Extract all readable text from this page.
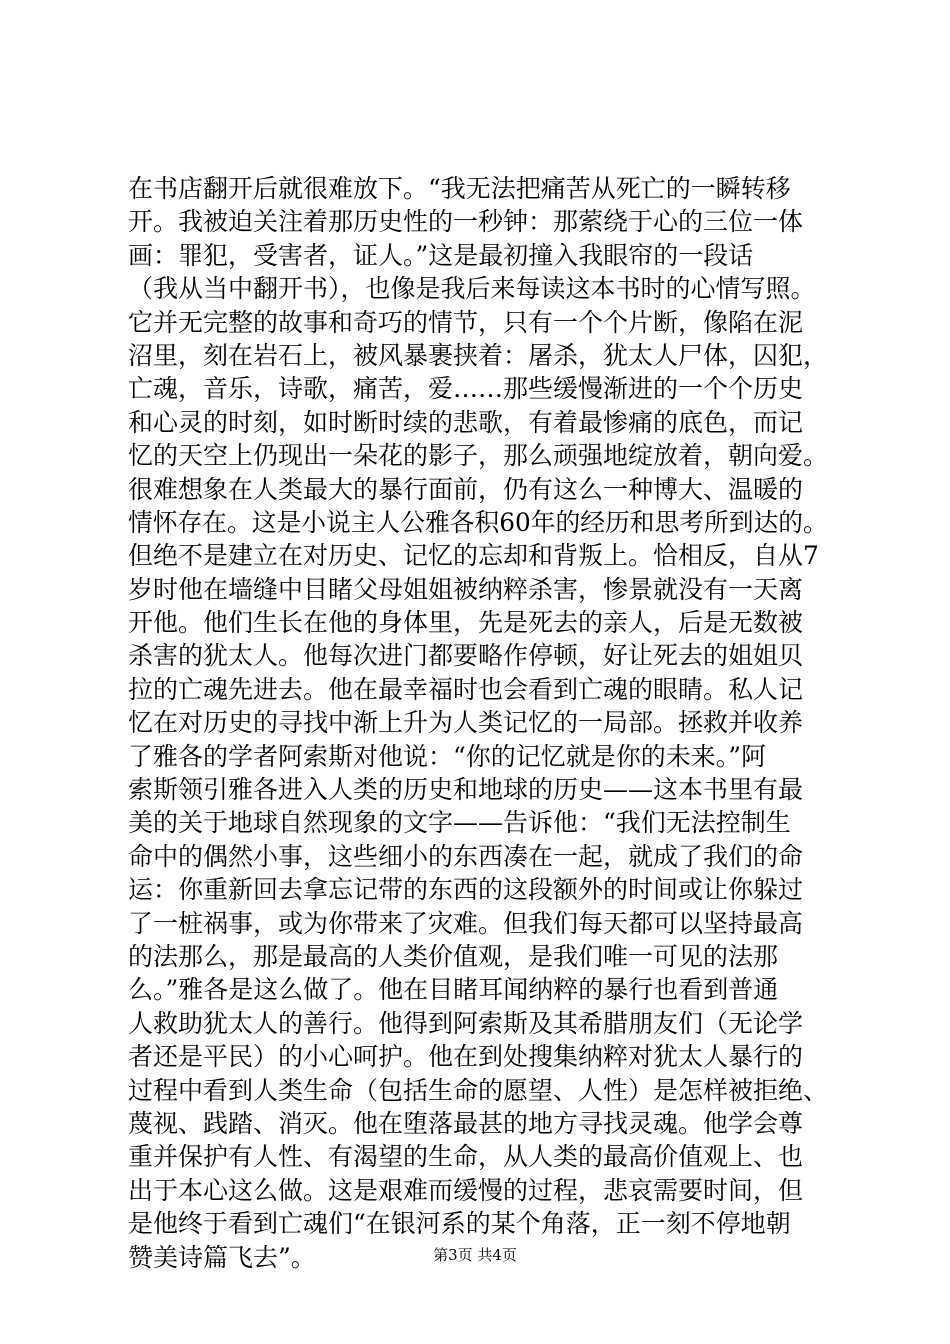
在书店翻开后就很难放下。“我无法把痛苦从死亡的一瞬转移
开。我被迫关注着那历史性的一秒钟：那萦绕于心的三位一体
画：罪犯，受害者，证人。”这是最初撞入我眼帘的一段话
（我从当中翻开书），也像是我后来每读这本书时的心情写照。
它并无完整的故事和奇巧的情节，只有一个个片断，像陷在泥
沼里，刻在岩石上，被风暴裹挟着：屠杀，犹太人尸体，囚犯，
亡魂，音乐，诗歌，痛苦，爱……那些缓慢渐进的一个个历史
和心灵的时刻，如时断时续的悲歌，有着最惨痛的底色，而记
忆的天空上仍现出一朵花的影子，那么顽强地绽放着，朝向爱。
很难想象在人类最大的暴行面前，仍有这么一种博大、温暖的
情怀存在。这是小说主人公雅各积60年的经历和思考所到达的。
但绝不是建立在对历史、记忆的忘却和背叛上。恰相反，自从7
岁时他在墙缝中目睹父母姐姐被纳粹杀害，惨景就没有一天离
开他。他们生长在他的身体里，先是死去的亲人，后是无数被
杀害的犹太人。他每次进门都要略作停顿，好让死去的姐姐贝
拉的亡魂先进去。他在最幸福时也会看到亡魂的眼睛。私人记
忆在对历史的寻找中渐上升为人类记忆的一局部。拯救并收养
了雅各的学者阿索斯对他说：“你的记忆就是你的未来。”阿
索斯领引雅各进入人类的历史和地球的历史——这本书里有最
美的关于地球自然现象的文字——告诉他：“我们无法控制生
命中的偶然小事，这些细小的东西凑在一起，就成了我们的命
运：你重新回去拿忘记带的东西的这段额外的时间或让你躲过
了一桩祸事，或为你带来了灾难。但我们每天都可以坚持最高
的法那么，那是最高的人类价值观，是我们唯一可见的法那
么。”雅各是这么做了。他在目睹耳闻纳粹的暴行也看到普通
人救助犹太人的善行。他得到阿索斯及其希腊朋友们（无论学
者还是平民）的小心呵护。他在到处搜集纳粹对犹太人暴行的
过程中看到人类生命（包括生命的愿望、人性）是怎样被拒绝、
蔑视、践踏、消灭。他在堕落最甚的地方寻找灵魂。他学会尊
重并保护有人性、有渴望的生命，从人类的最高价值观上、也
出于本心这么做。这是艰难而缓慢的过程，悲哀需要时间，但
是他终于看到亡魂们“在银河系的某个角落，正一刻不停地朝
赞美诗篇飞去”。	第3页 共4页
